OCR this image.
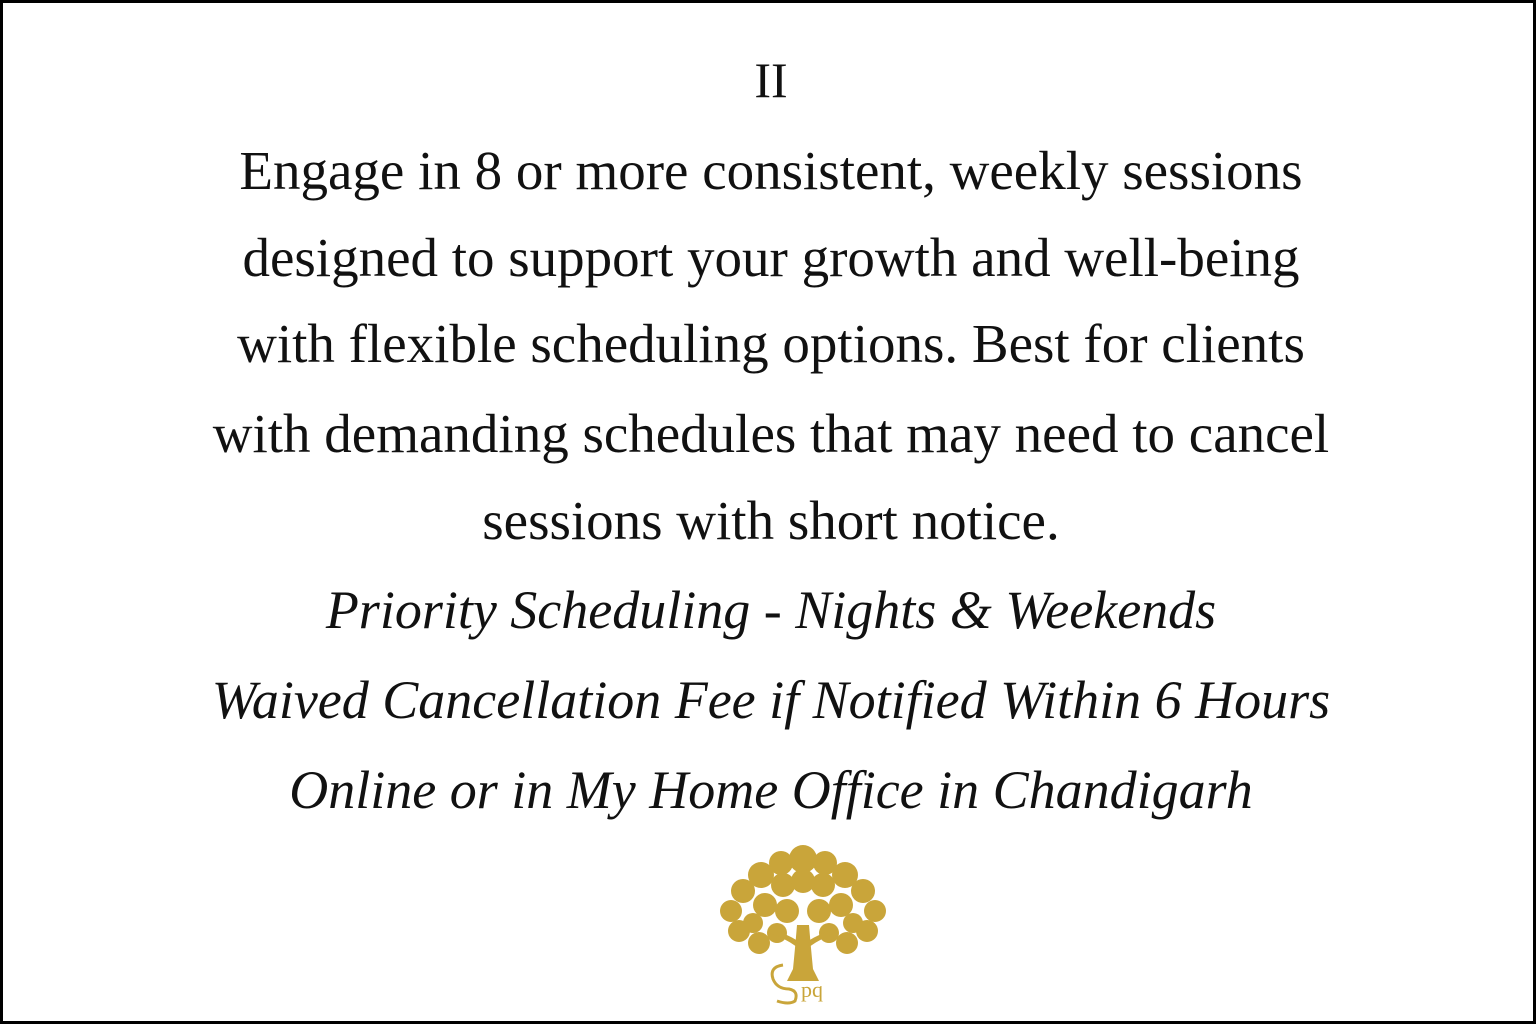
II
Engage in 8 or more consistent, weekly sessions
designed to support your growth and well-being
with flexible scheduling options. Best for clients
with demanding schedules that may need to cancel
sessions with short notice.
Priority Scheduling - Nights & Weekends
Waived Cancellation Fee if Notified Within 6 Hours
Online or in My Home Office in Chandigarh
pq
